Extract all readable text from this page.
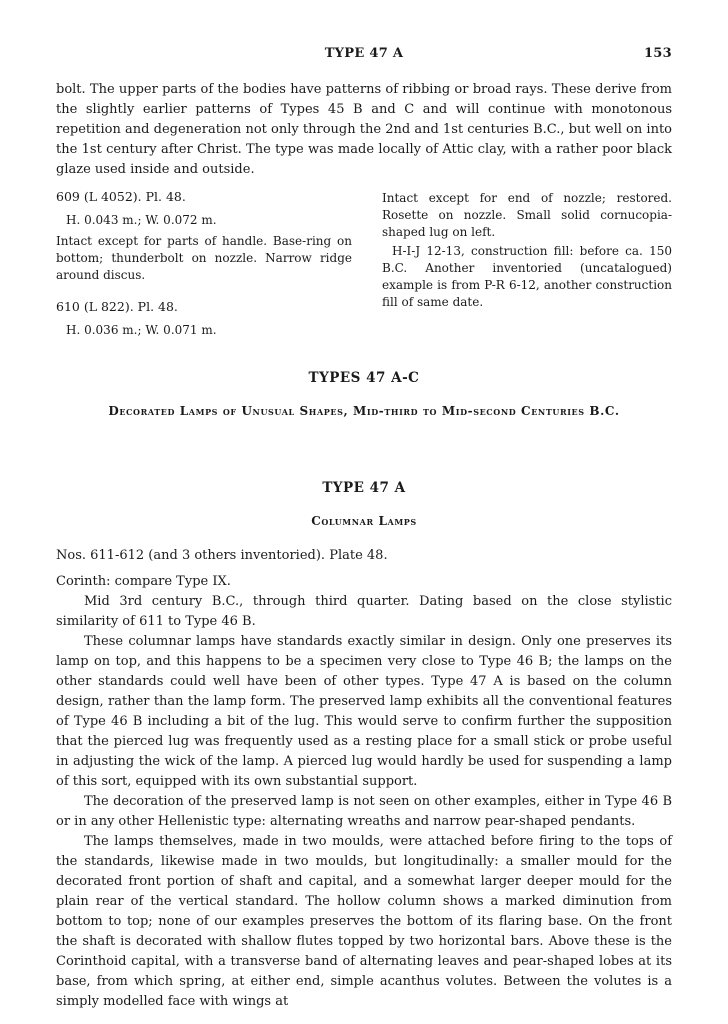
TYPE 47 A	153

bolt. The upper parts of the bodies have patterns of ribbing or broad rays. These derive from the slightly earlier patterns of Types 45 B and C and will continue with monotonous repetition and degeneration not only through the 2nd and 1st centuries B.C., but well on into the 1st century after Christ. The type was made locally of Attic clay, with a rather poor black glaze used inside and outside.

609 (L 4052). Pl. 48.

H. 0.043 m.; W. 0.072 m.

Intact except for parts of handle. Base-ring on bottom; thunderbolt on nozzle. Narrow ridge around discus.

610 (L 822). Pl. 48.

H. 0.036 m.; W. 0.071 m.

Intact except for end of nozzle; restored. Rosette on nozzle. Small solid cornucopia-shaped lug on left.

H-I-J 12-13, construction fill: before ca. 150 B.C. Another inventoried (uncatalogued) example is from P-R 6-12, another construction fill of same date.

TYPES 47 A-C
Decorated Lamps of Unusual Shapes, Mid-third to Mid-second Centuries B.C.
TYPE 47 A
Columnar Lamps

Nos. 611-612 (and 3 others inventoried). Plate 48.

Corinth: compare Type IX.

Mid 3rd century B.C., through third quarter. Dating based on the close stylistic similarity of 611 to Type 46 B.

These columnar lamps have standards exactly similar in design. Only one preserves its lamp on top, and this happens to be a specimen very close to Type 46 B; the lamps on the other standards could well have been of other types. Type 47 A is based on the column design, rather than the lamp form. The preserved lamp exhibits all the conventional features of Type 46 B including a bit of the lug. This would serve to confirm further the supposition that the pierced lug was frequently used as a resting place for a small stick or probe useful in adjusting the wick of the lamp. A pierced lug would hardly be used for suspending a lamp of this sort, equipped with its own substantial support.

The decoration of the preserved lamp is not seen on other examples, either in Type 46 B or in any other Hellenistic type: alternating wreaths and narrow pear-shaped pendants.

The lamps themselves, made in two moulds, were attached before firing to the tops of the standards, likewise made in two moulds, but longitudinally: a smaller mould for the decorated front portion of shaft and capital, and a somewhat larger deeper mould for the plain rear of the vertical standard. The hollow column shows a marked diminution from bottom to top; none of our examples preserves the bottom of its flaring base. On the front the shaft is decorated with shallow flutes topped by two horizontal bars. Above these is the Corinthoid capital, with a transverse band of alternating leaves and pear-shaped lobes at its base, from which spring, at either end, simple acanthus volutes. Between the volutes is a simply modelled face with wings at
